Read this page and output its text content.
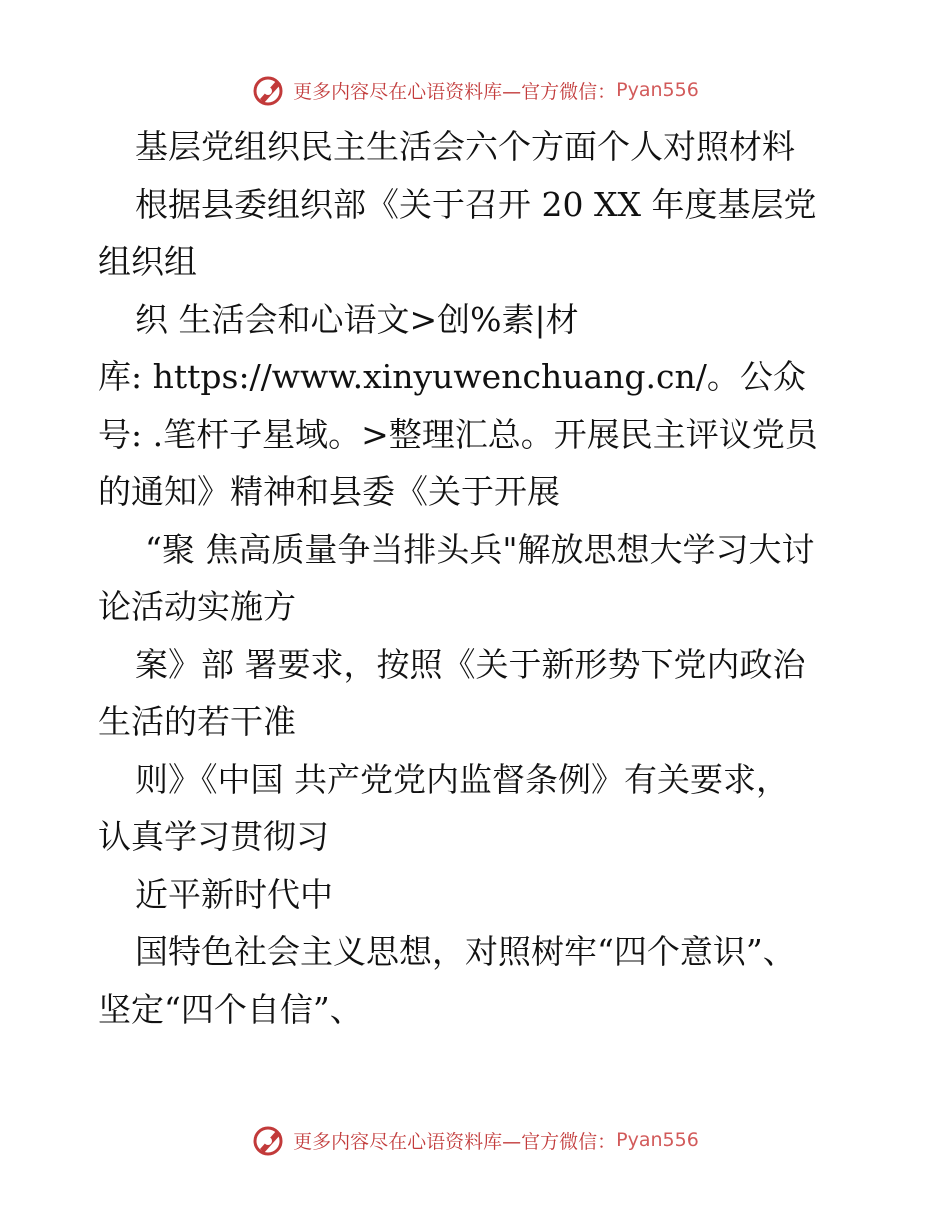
更多内容尽在心语资料库—官方微信： Pyan556
基层党组织民主生活会六个方面个人对照材料
根据县委组织部《关于召开 20 XX 年度基层党
组织组
织 生活会和心语文>创%素|材
库: https://www.xinyuwenchuang.cn/。公众
号: .笔杆子星域。>整理汇总。开展民主评议党员
的通知》精神和县委《关于开展
“聚 焦高质量争当排头兵"解放思想大学习大讨
论活动实施方
案》部 署要求，按照《关于新形势下党内政治
生活的若干准
则》《中国 共产党党内监督条例》有关要求，
认真学习贯彻习
近平新时代中
国特色社会主义思想，对照树牢“四个意识”、
坚定“四个自信”、
更多内容尽在心语资料库—官方微信： Pyan556
